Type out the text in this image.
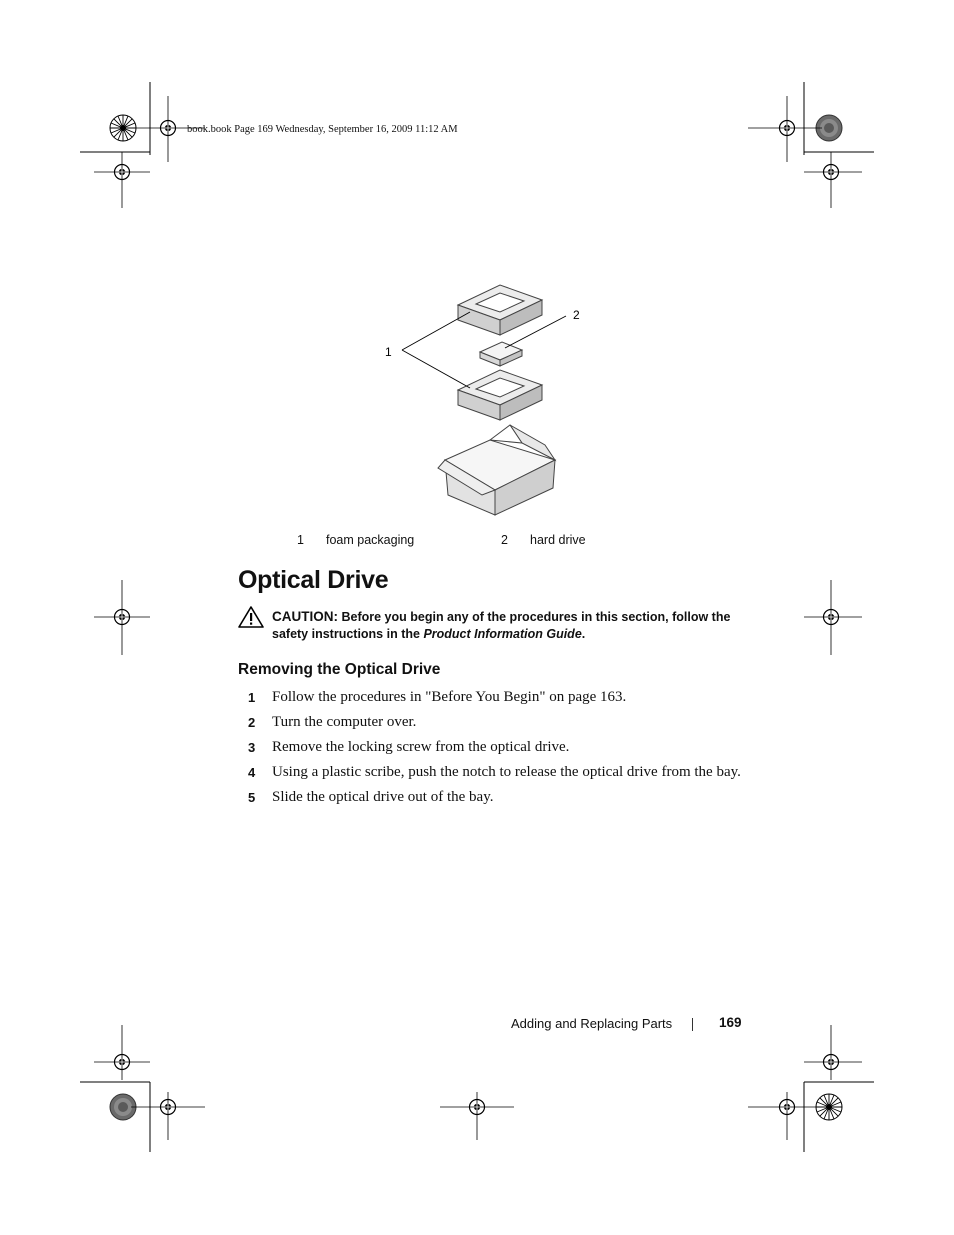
book.book Page 169 Wednesday, September 16, 2009 11:12 AM
1
2
1 foam packaging	2 hard drive
Optical Drive
CAUTION: Before you begin any of the procedures in this section, follow the safety instructions in the Product Information Guide.
Removing the Optical Drive
1 Follow the procedures in "Before You Begin" on page 163.
2 Turn the computer over.
3 Remove the locking screw from the optical drive.
4 Using a plastic scribe, push the notch to release the optical drive from the bay.
5 Slide the optical drive out of the bay.
Adding and Replacing Parts	169
